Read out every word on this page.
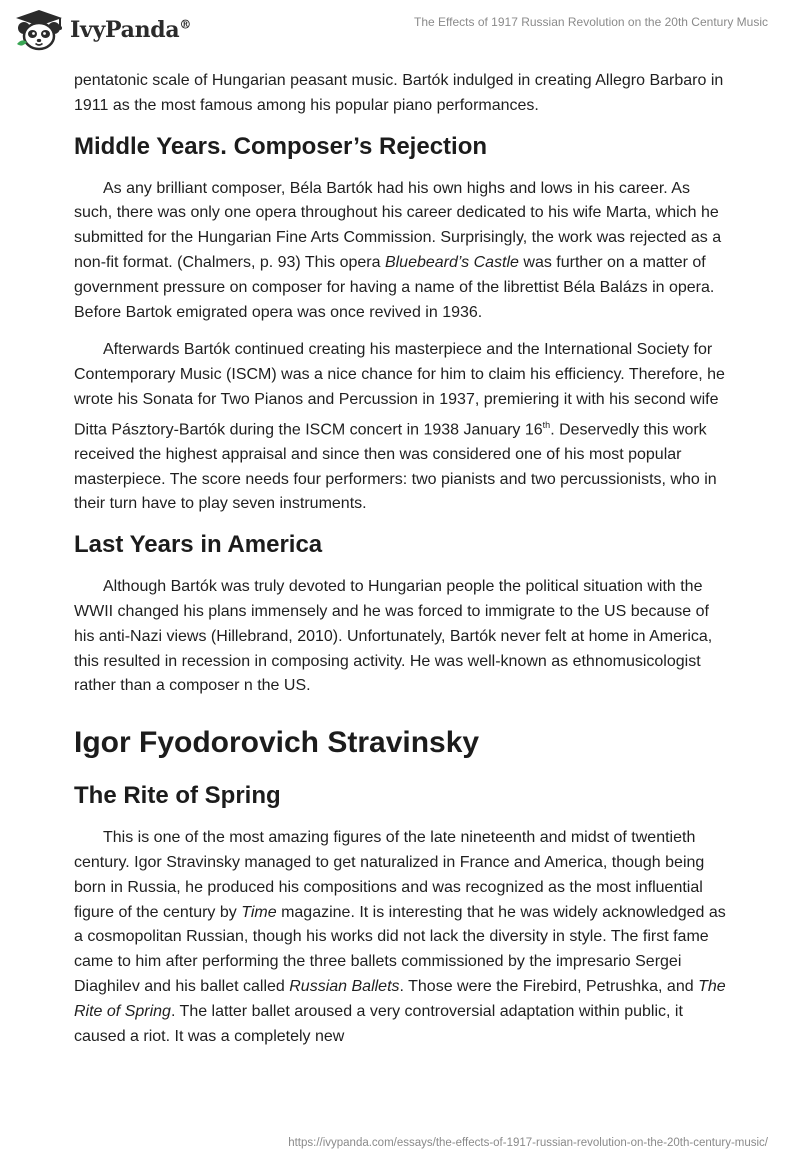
IvyPanda®	The Effects of 1917 Russian Revolution on the 20th Century Music

pentatonic scale of Hungarian peasant music. Bartók indulged in creating Allegro Barbaro in 1911 as the most famous among his popular piano performances.

Middle Years. Composer’s Rejection

As any brilliant composer, Béla Bartók had his own highs and lows in his career. As such, there was only one opera throughout his career dedicated to his wife Marta, which he submitted for the Hungarian Fine Arts Commission. Surprisingly, the work was rejected as a non-fit format. (Chalmers, p. 93) This opera Bluebeard’s Castle was further on a matter of government pressure on composer for having a name of the librettist Béla Balázs in opera. Before Bartok emigrated opera was once revived in 1936.

Afterwards Bartók continued creating his masterpiece and the International Society for Contemporary Music (ISCM) was a nice chance for him to claim his efficiency. Therefore, he wrote his Sonata for Two Pianos and Percussion in 1937, premiering it with his second wife Ditta Pásztory-Bartók during the ISCM concert in 1938 January 16th. Deservedly this work received the highest appraisal and since then was considered one of his most popular masterpiece. The score needs four performers: two pianists and two percussionists, who in their turn have to play seven instruments.

Last Years in America

Although Bartók was truly devoted to Hungarian people the political situation with the WWII changed his plans immensely and he was forced to immigrate to the US because of his anti-Nazi views (Hillebrand, 2010). Unfortunately, Bartók never felt at home in America, this resulted in recession in composing activity. He was well-known as ethnomusicologist rather than a composer n the US.

Igor Fyodorovich Stravinsky
The Rite of Spring

This is one of the most amazing figures of the late nineteenth and midst of twentieth century. Igor Stravinsky managed to get naturalized in France and America, though being born in Russia, he produced his compositions and was recognized as the most influential figure of the century by Time magazine. It is interesting that he was widely acknowledged as a cosmopolitan Russian, though his works did not lack the diversity in style. The first fame came to him after performing the three ballets commissioned by the impresario Sergei Diaghilev and his ballet called Russian Ballets. Those were the Firebird, Petrushka, and The Rite of Spring. The latter ballet aroused a very controversial adaptation within public, it caused a riot. It was a completely new

https://ivypanda.com/essays/the-effects-of-1917-russian-revolution-on-the-20th-century-music/
